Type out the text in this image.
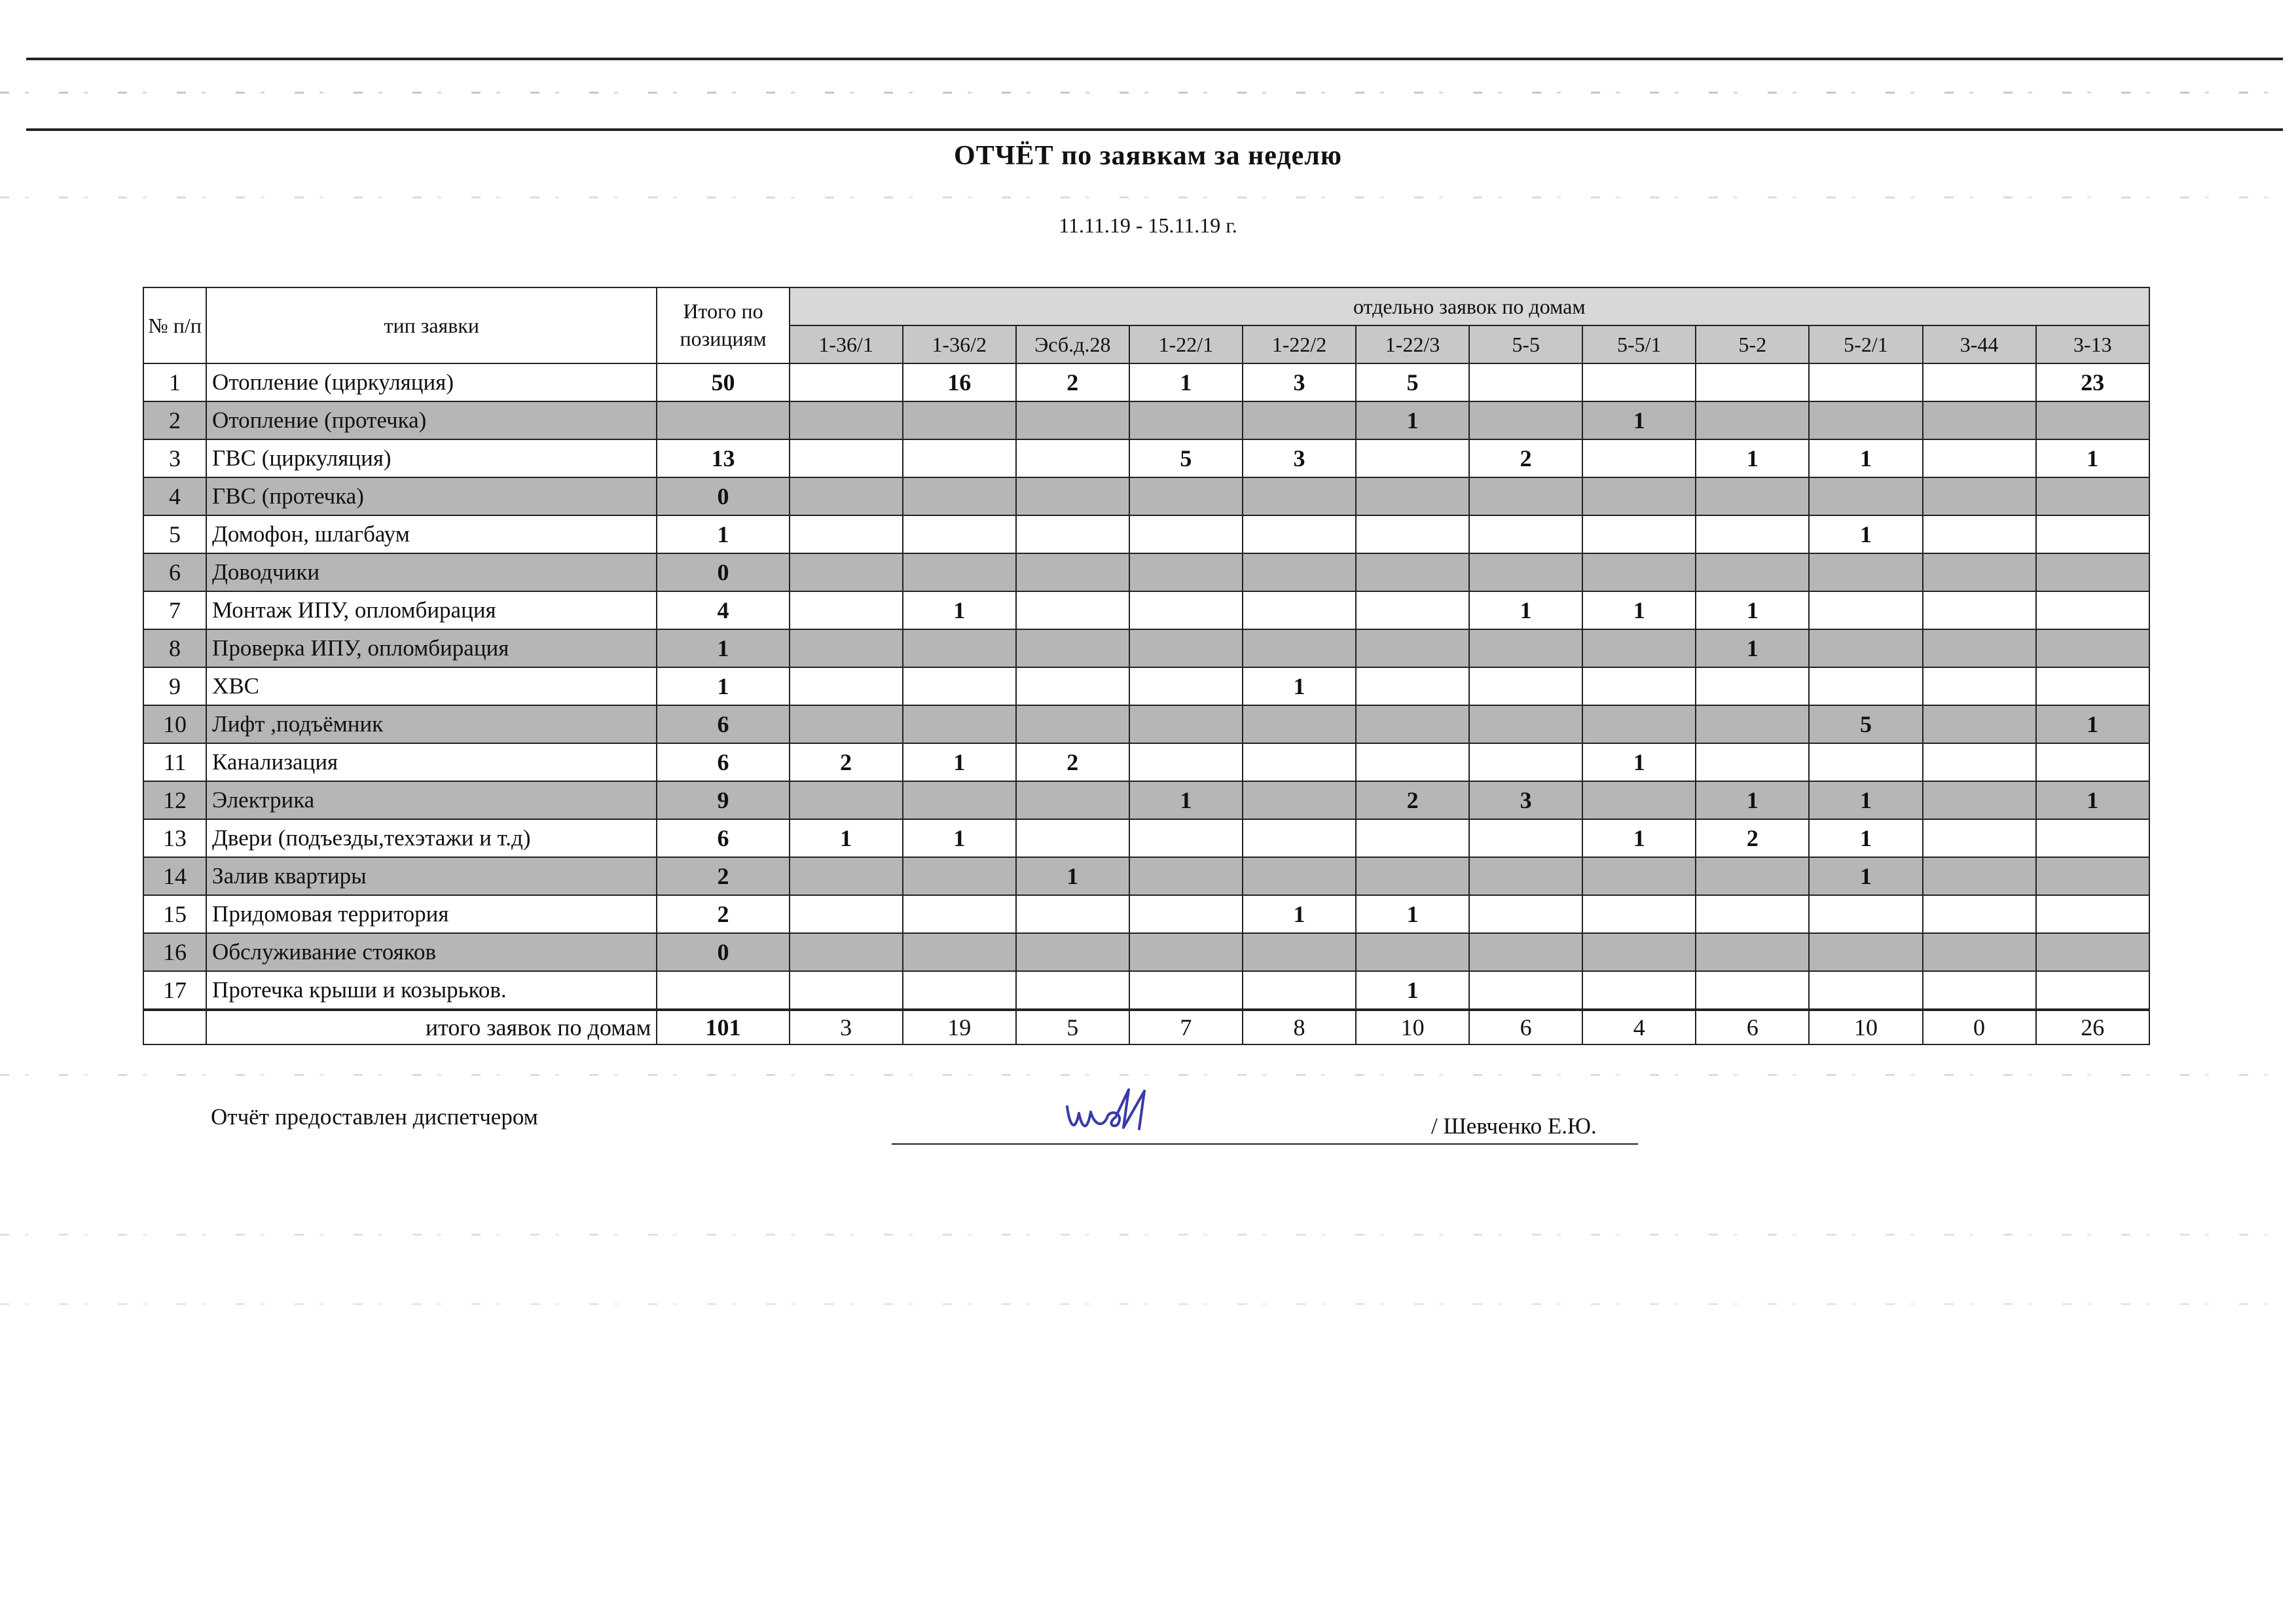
ОТЧЁТ по заявкам за неделю
11.11.19 - 15.11.19 г.
№ п/п	тип заявки	Итого по позициям	отдельно заявок по домам											
			1-36/1	1-36/2	Эсб.д.28	1-22/1	1-22/2	1-22/3	5-5	5-5/1	5-2	5-2/1	3-44	3-13
1	Отопление (циркуляция)	50		16	2	1	3	5						23
2	Отопление (протечка)							1		1				
3	ГВС (циркуляция)	13				5	3		2		1	1		1
4	ГВС (протечка)	0												
5	Домофон, шлагбаум	1										1		
6	Доводчики	0												
7	Монтаж ИПУ, опломбирация	4		1					1	1	1			
8	Проверка ИПУ, опломбирация	1									1			
9	ХВС	1					1							
10	Лифт ,подъёмник	6										5		1
11	Канализация	6	2	1	2					1				
12	Электрика	9				1		2	3		1	1		1
13	Двери (подъезды,техэтажи и т.д)	6	1	1						1	2	1		
14	Залив квартиры	2			1							1		
15	Придомовая территория	2					1	1						
16	Обслуживание стояков	0												
17	Протечка крыши и козырьков.							1						
	итого заявок по домам	101	3	19	5	7	8	10	6	4	6	10	0	26
Отчёт предоставлен диспетчером	/ Шевченко Е.Ю.
